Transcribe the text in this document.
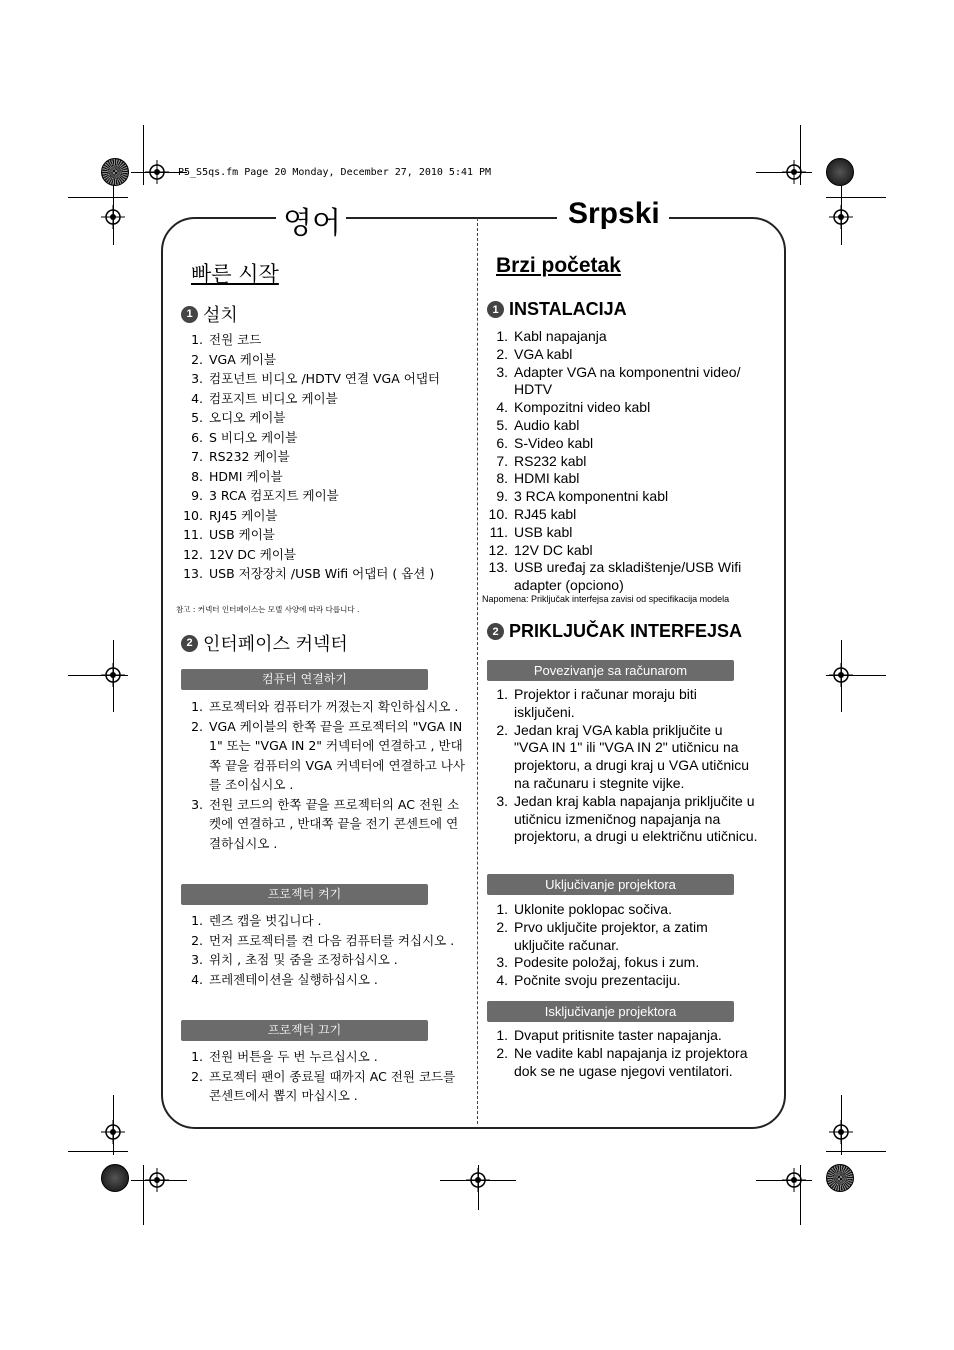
P5_S5qs.fm Page 20 Monday, December 27, 2010 5:41 PM
영어	Srpski
빠른 시작
1 설치
1. 전원 코드
2. VGA 케이블
3. 컴포넌트 비디오 /HDTV 연결 VGA 어댑터
4. 컴포지트 비디오 케이블
5. 오디오 케이블
6. S 비디오 케이블
7. RS232 케이블
8. HDMI 케이블
9. 3 RCA 컴포지트 케이블
10. RJ45 케이블
11. USB 케이블
12. 12V DC 케이블
13. USB 저장장치 /USB Wifi 어댑터 ( 옵션 )
참고 : 커넥터 인터페이스는 모델 사양에 따라 다릅니다 .
2 인터페이스 커넥터
컴퓨터 연결하기
1. 프로젝터와 컴퓨터가 꺼졌는지 확인하십시오 .
2. VGA 케이블의 한쪽 끝을 프로젝터의 "VGA IN 1" 또는 "VGA IN 2" 커넥터에 연결하고 , 반대쪽 끝을 컴퓨터의 VGA 커넥터에 연결하고 나사를 조이십시오 .
3. 전원 코드의 한쪽 끝을 프로젝터의 AC 전원 소켓에 연결하고 , 반대쪽 끝을 전기 콘센트에 연결하십시오 .
프로젝터 켜기
1. 렌즈 캡을 벗깁니다 .
2. 먼저 프로젝터를 켠 다음 컴퓨터를 켜십시오 .
3. 위치 , 초점 및 줌을 조정하십시오 .
4. 프레젠테이션을 실행하십시오 .
프로젝터 끄기
1. 전원 버튼을 두 번 누르십시오 .
2. 프로젝터 팬이 종료될 때까지 AC 전원 코드를 콘센트에서 뽑지 마십시오 .
Brzi početak
1 INSTALACIJA
1. Kabl napajanja
2. VGA kabl
3. Adapter VGA na komponentni video/ HDTV
4. Kompozitni video kabl
5. Audio kabl
6. S-Video kabl
7. RS232 kabl
8. HDMI kabl
9. 3 RCA komponentni kabl
10. RJ45 kabl
11. USB kabl
12. 12V DC kabl
13. USB uređaj za skladištenje/USB Wifi adapter (opciono)
Napomena: Priključak interfejsa zavisi od specifikacija modela
2 PRIKLJUČAK INTERFEJSA
Povezivanje sa računarom
1. Projektor i računar moraju biti isključeni.
2. Jedan kraj VGA kabla priključite u "VGA IN 1" ili "VGA IN 2" utičnicu na projektoru, a drugi kraj u VGA utičnicu na računaru i stegnite vijke.
3. Jedan kraj kabla napajanja priključite u utičnicu izmeničnog napajanja na projektoru, a drugi u električnu utičnicu.
Uključivanje projektora
1. Uklonite poklopac sočiva.
2. Prvo uključite projektor, a zatim uključite računar.
3. Podesite položaj, fokus i zum.
4. Počnite svoju prezentaciju.
Isključivanje projektora
1. Dvaput pritisnite taster napajanja.
2. Ne vadite kabl napajanja iz projektora dok se ne ugase njegovi ventilatori.
